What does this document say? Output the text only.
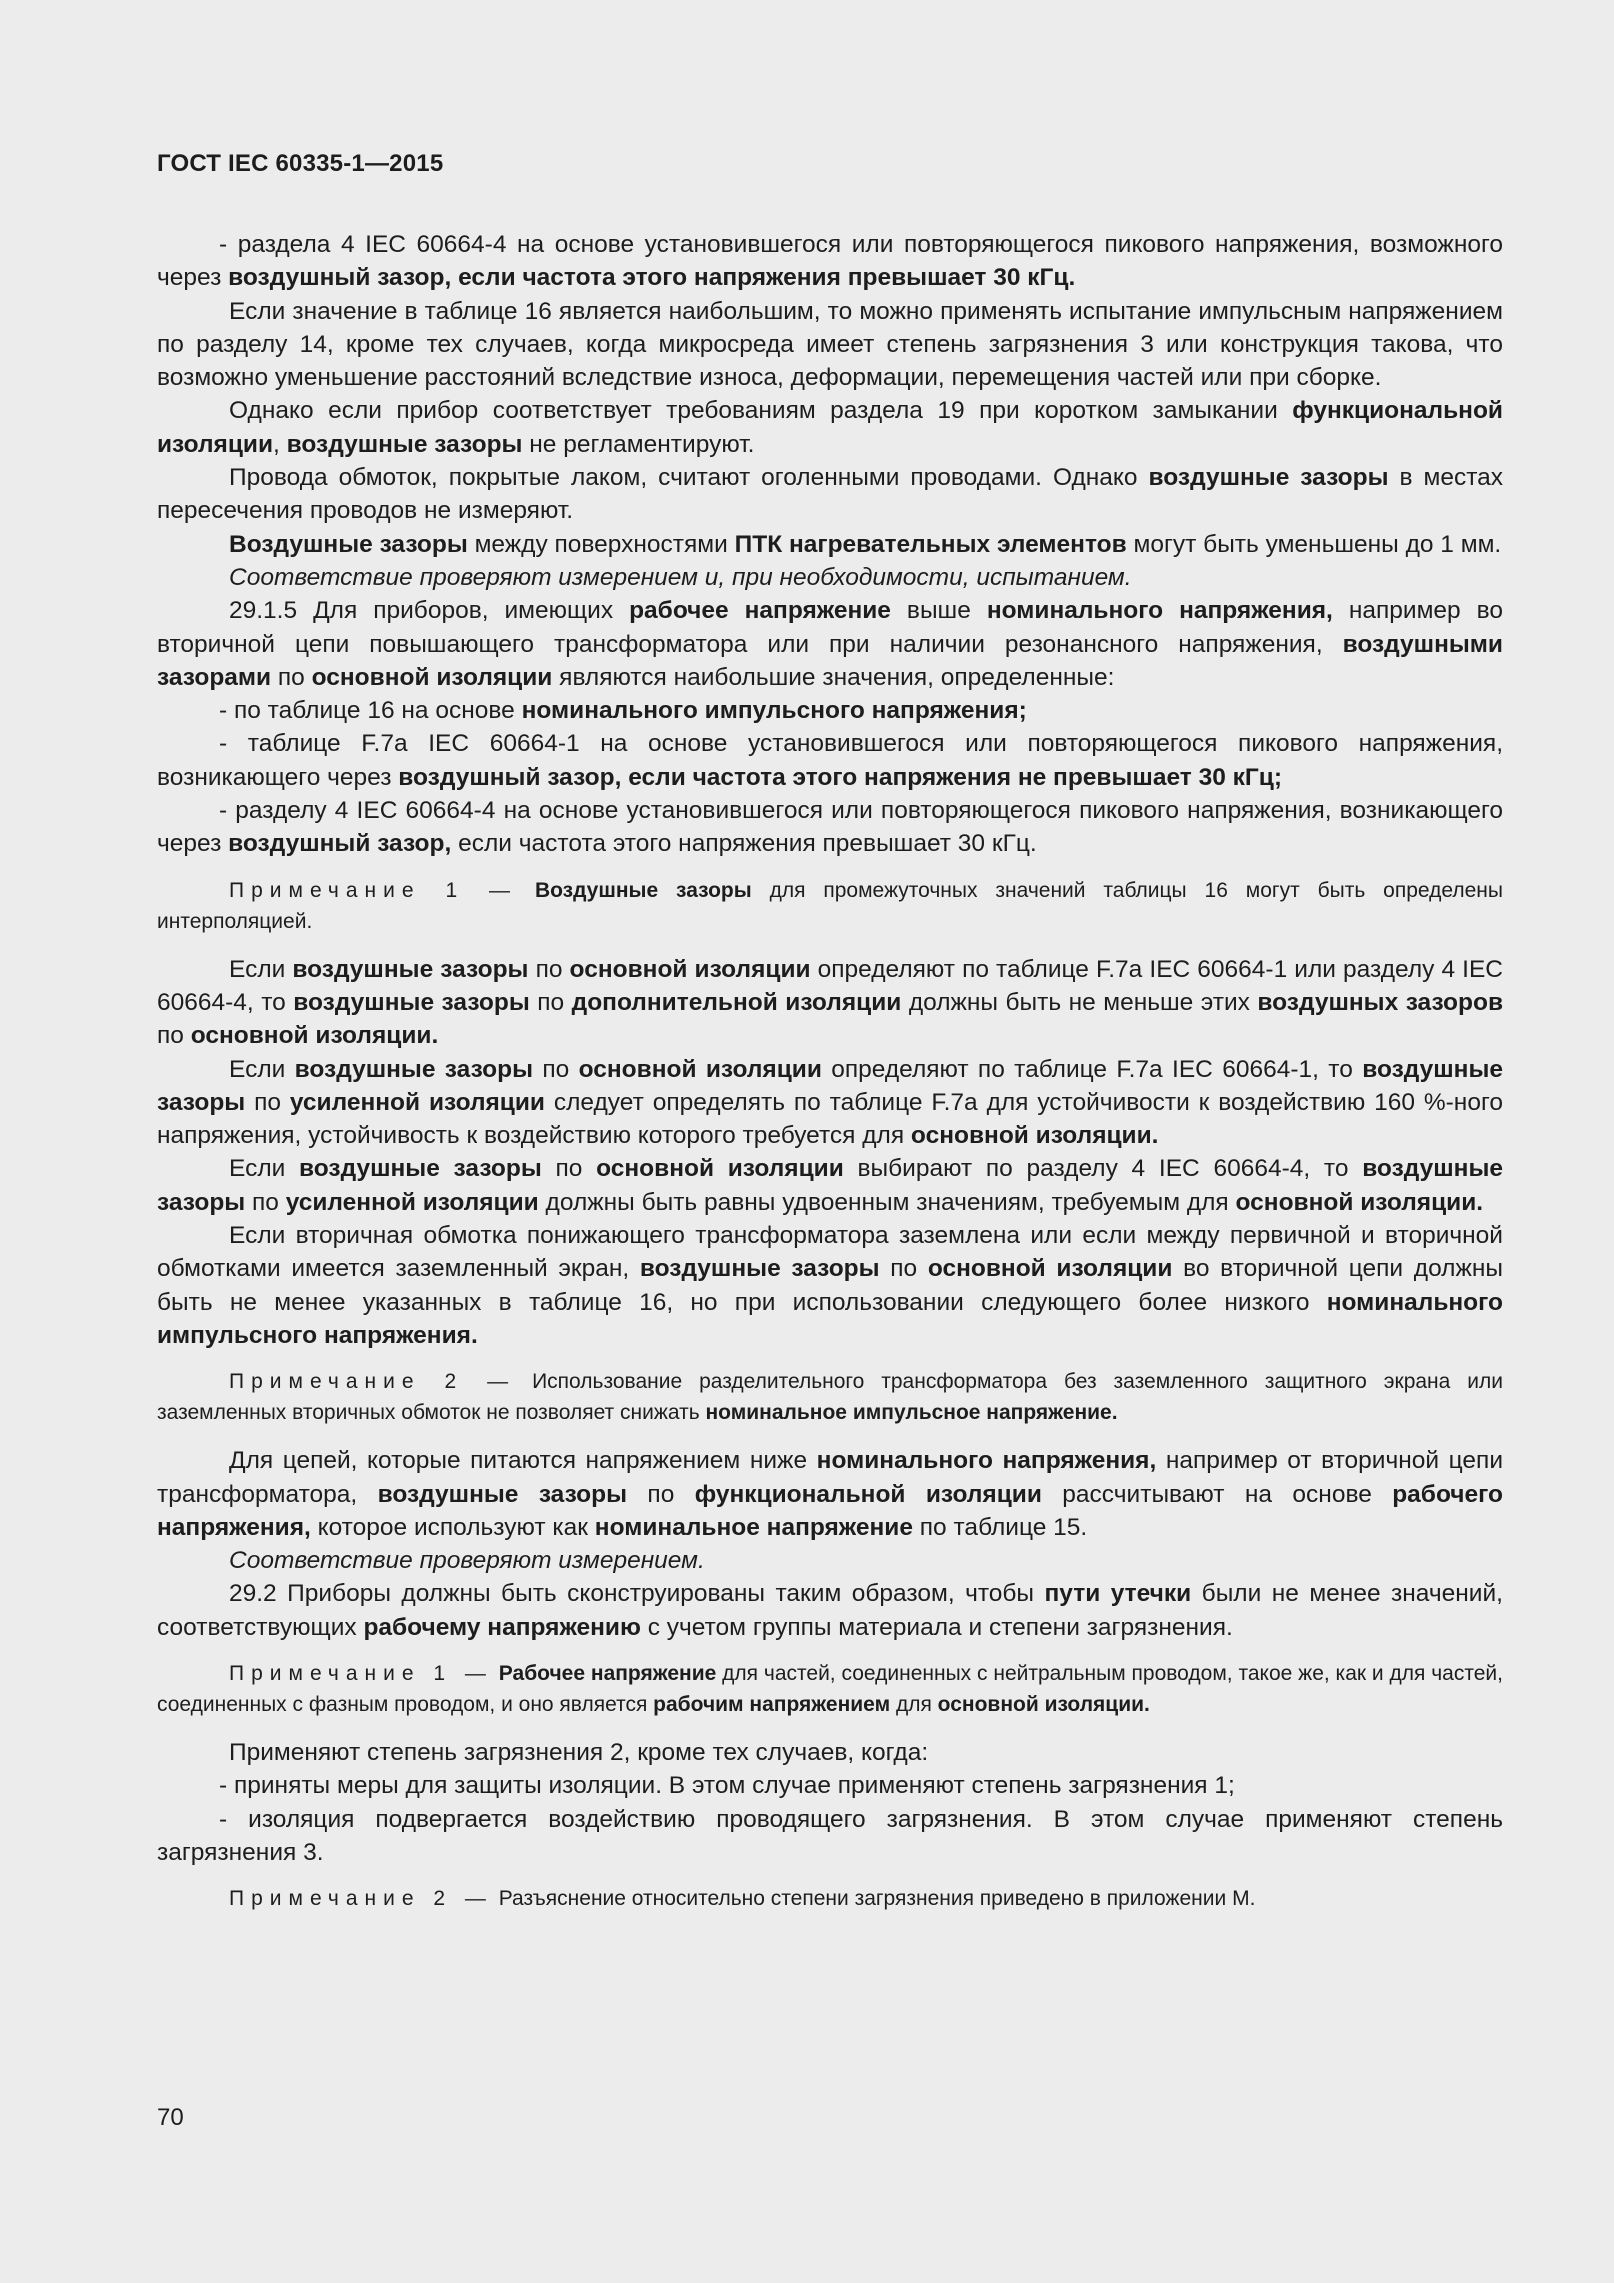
ГОСТ IEC 60335-1—2015

- раздела 4 IEC 60664-4 на основе установившегося или повторяющегося пикового напряжения, возможного через воздушный зазор, если частота этого напряжения превышает 30 кГц.

Если значение в таблице 16 является наибольшим, то можно применять испытание импульсным напряжением по разделу 14, кроме тех случаев, когда микросреда имеет степень загрязнения 3 или конструкция такова, что возможно уменьшение расстояний вследствие износа, деформации, перемещения частей или при сборке.

Однако если прибор соответствует требованиям раздела 19 при коротком замыкании функциональной изоляции, воздушные зазоры не регламентируют.

Провода обмоток, покрытые лаком, считают оголенными проводами. Однако воздушные зазоры в местах пересечения проводов не измеряют.

Воздушные зазоры между поверхностями ПТК нагревательных элементов могут быть уменьшены до 1 мм.

Соответствие проверяют измерением и, при необходимости, испытанием.

29.1.5 Для приборов, имеющих рабочее напряжение выше номинального напряжения, например во вторичной цепи повышающего трансформатора или при наличии резонансного напряжения, воздушными зазорами по основной изоляции являются наибольшие значения, определенные:

- по таблице 16 на основе номинального импульсного напряжения;

- таблице F.7a IEC 60664-1 на основе установившегося или повторяющегося пикового напряжения, возникающего через воздушный зазор, если частота этого напряжения не превышает 30 кГц;

- разделу 4 IEC 60664-4 на основе установившегося или повторяющегося пикового напряжения, возникающего через воздушный зазор, если частота этого напряжения превышает 30 кГц.

Примечание 1 — Воздушные зазоры для промежуточных значений таблицы 16 могут быть определены интерполяцией.

Если воздушные зазоры по основной изоляции определяют по таблице F.7a IEC 60664-1 или разделу 4 IEC 60664-4, то воздушные зазоры по дополнительной изоляции должны быть не меньше этих воздушных зазоров по основной изоляции.

Если воздушные зазоры по основной изоляции определяют по таблице F.7a IEC 60664-1, то воздушные зазоры по усиленной изоляции следует определять по таблице F.7a для устойчивости к воздействию 160 %-ного напряжения, устойчивость к воздействию которого требуется для основной изоляции.

Если воздушные зазоры по основной изоляции выбирают по разделу 4 IEC 60664-4, то воздушные зазоры по усиленной изоляции должны быть равны удвоенным значениям, требуемым для основной изоляции.

Если вторичная обмотка понижающего трансформатора заземлена или если между первичной и вторичной обмотками имеется заземленный экран, воздушные зазоры по основной изоляции во вторичной цепи должны быть не менее указанных в таблице 16, но при использовании следующего более низкого номинального импульсного напряжения.

Примечание 2 — Использование разделительного трансформатора без заземленного защитного экрана или заземленных вторичных обмоток не позволяет снижать номинальное импульсное напряжение.

Для цепей, которые питаются напряжением ниже номинального напряжения, например от вторичной цепи трансформатора, воздушные зазоры по функциональной изоляции рассчитывают на основе рабочего напряжения, которое используют как номинальное напряжение по таблице 15.

Соответствие проверяют измерением.

29.2 Приборы должны быть сконструированы таким образом, чтобы пути утечки были не менее значений, соответствующих рабочему напряжению с учетом группы материала и степени загрязнения.

Примечание 1 — Рабочее напряжение для частей, соединенных с нейтральным проводом, такое же, как и для частей, соединенных с фазным проводом, и оно является рабочим напряжением для основной изоляции.

Применяют степень загрязнения 2, кроме тех случаев, когда:

- приняты меры для защиты изоляции. В этом случае применяют степень загрязнения 1;

- изоляция подвергается воздействию проводящего загрязнения. В этом случае применяют степень загрязнения 3.

Примечание 2 — Разъяснение относительно степени загрязнения приведено в приложении М.

70
